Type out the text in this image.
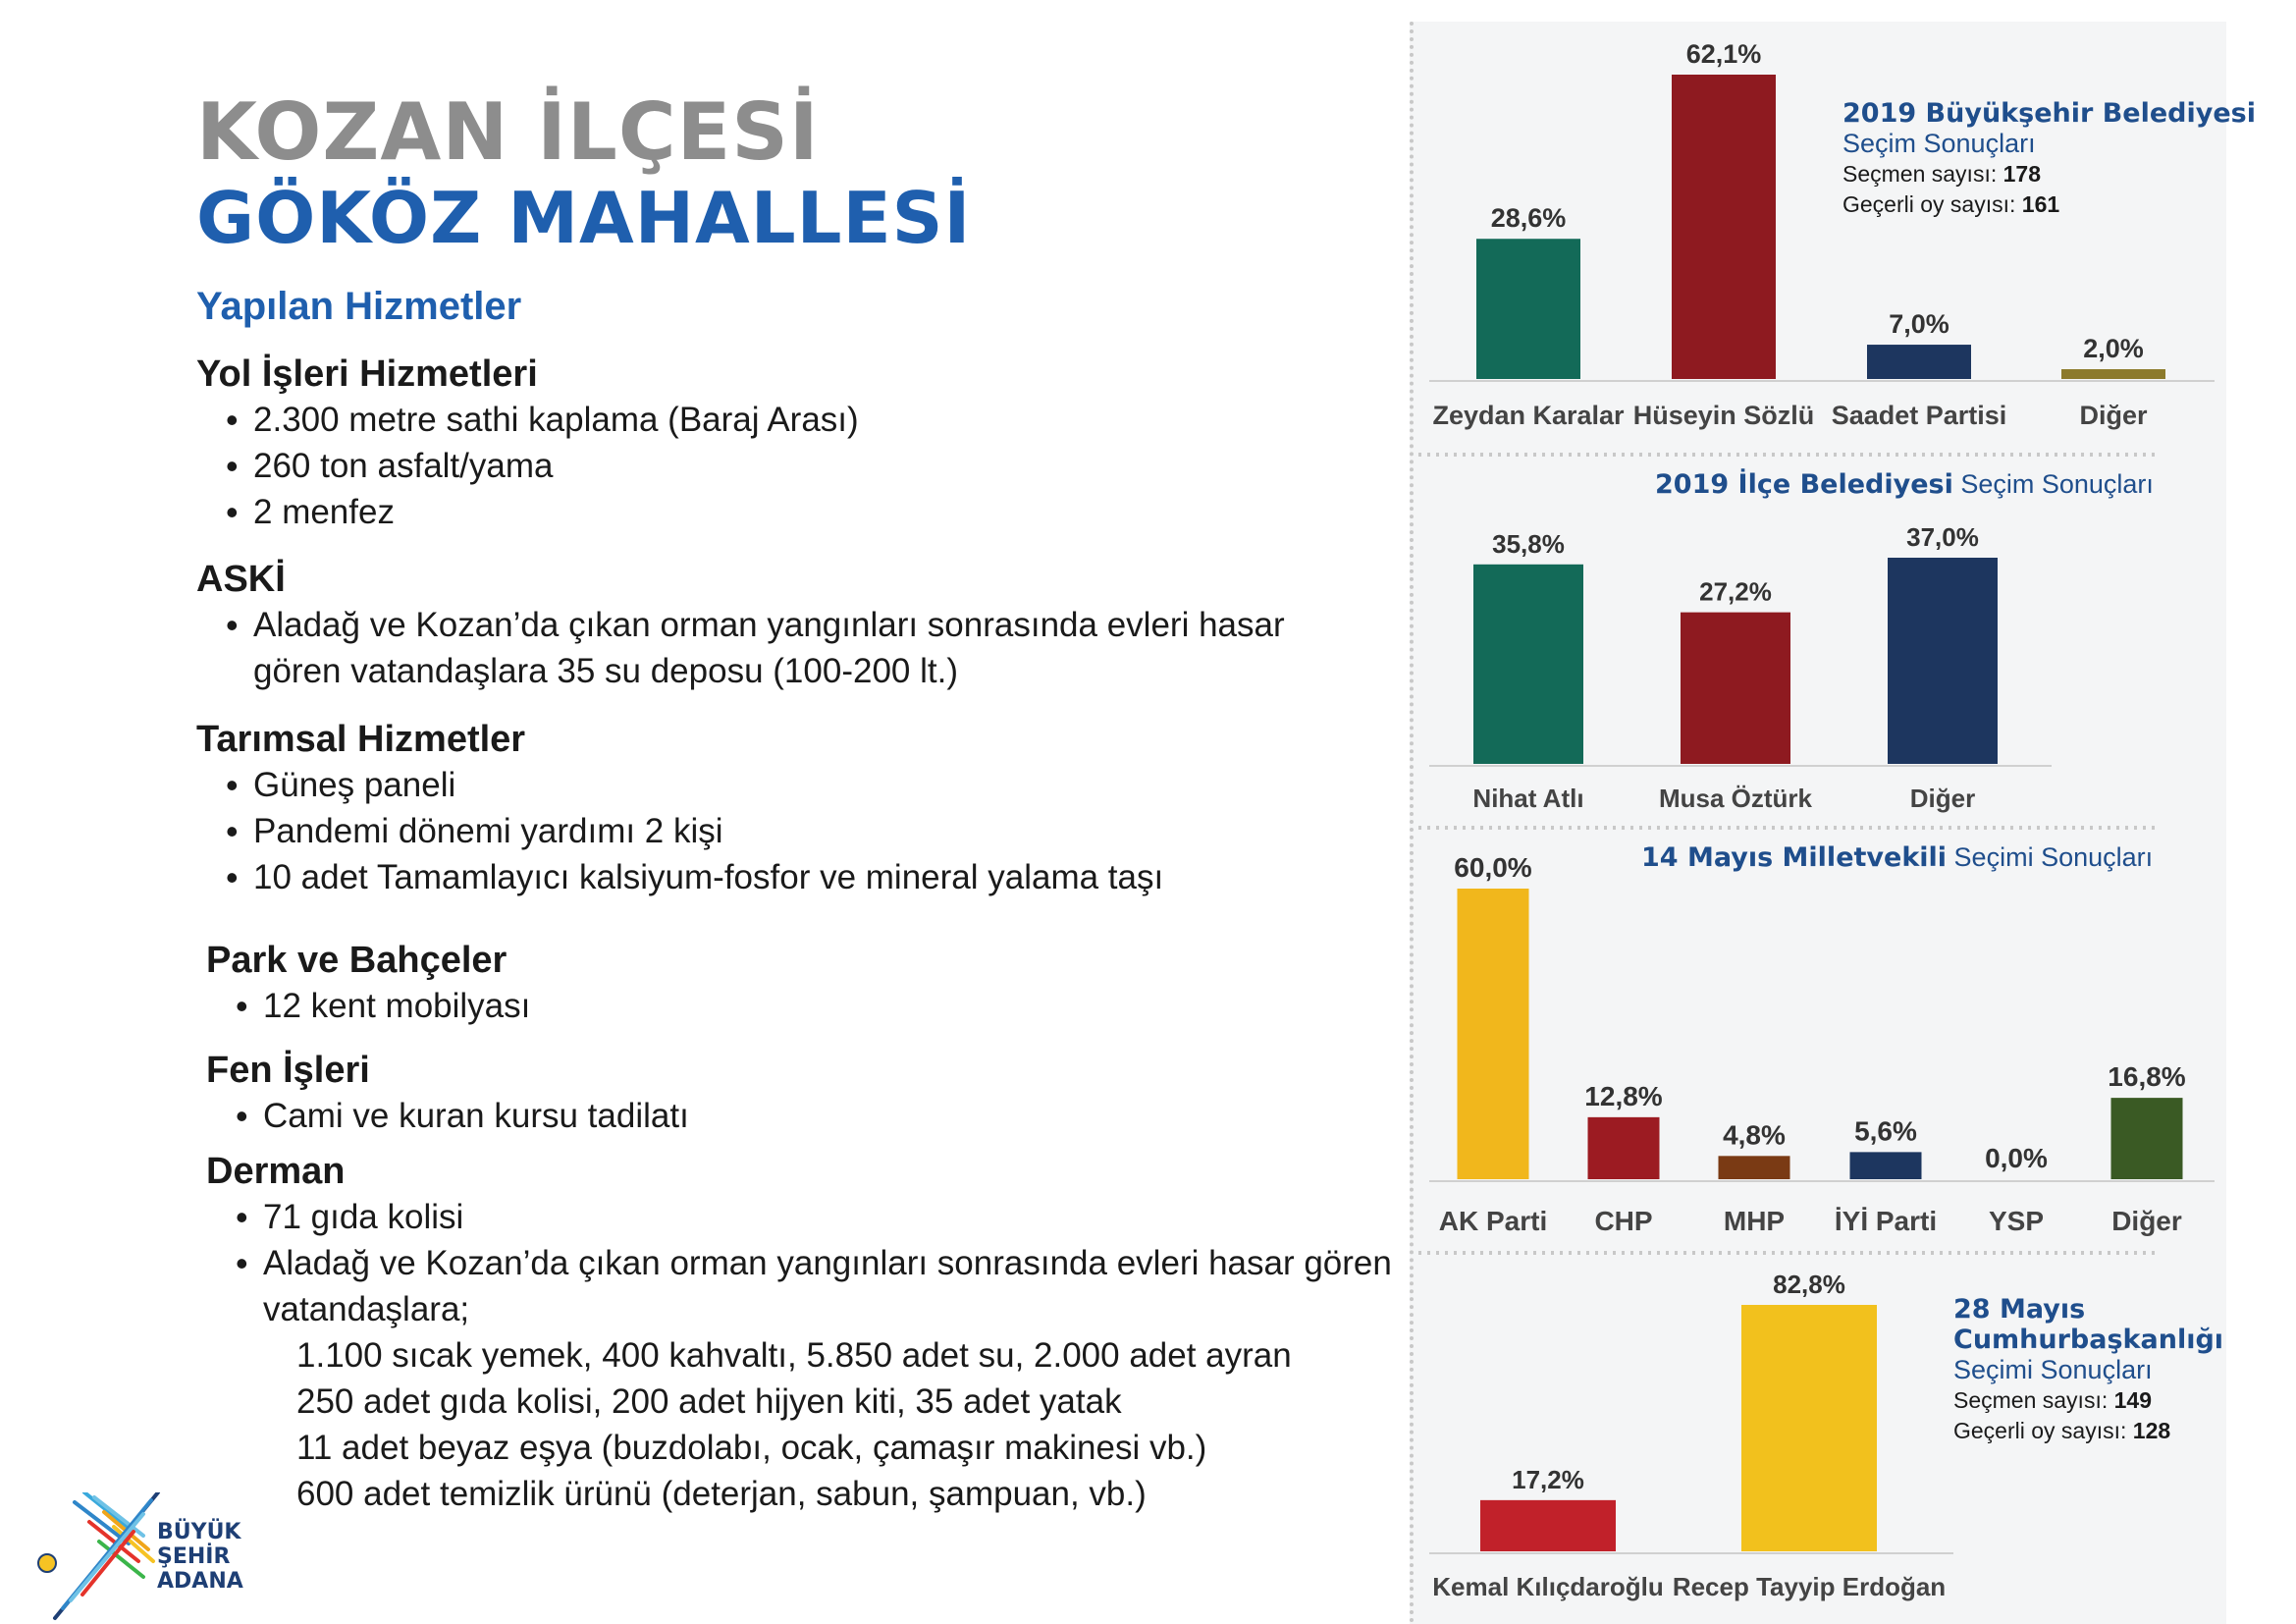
KOZAN İLÇESİ
GÖKÖZ MAHALLESİ
Yapılan Hizmetler
Yol İşleri Hizmetleri
• 2.300 metre sathi kaplama (Baraj Arası)
• 260 ton asfalt/yama
• 2 menfez
ASKİ
• Aladağ ve Kozan’da çıkan orman yangınları sonrasında evleri hasar
gören vatandaşlara 35 su deposu (100-200 lt.)
Tarımsal Hizmetler
• Güneş paneli
• Pandemi dönemi yardımı 2 kişi
• 10 adet Tamamlayıcı kalsiyum-fosfor ve mineral yalama taşı
Park ve Bahçeler
• 12 kent mobilyası
Fen İşleri
• Cami ve kuran kursu tadilatı
Derman
• 71 gıda kolisi
• Aladağ ve Kozan’da çıkan orman yangınları sonrasında evleri hasar gören
vatandaşlara;
1.100 sıcak yemek, 400 kahvaltı, 5.850 adet su, 2.000 adet ayran
250 adet gıda kolisi, 200 adet hijyen kiti, 35 adet yatak
11 adet beyaz eşya (buzdolabı, ocak, çamaşır makinesi vb.)
600 adet temizlik ürünü (deterjan, sabun, şampuan, vb.)
BÜYÜK
ŞEHİR
ADANA
28,6%
Zeydan Karalar
62,1%
Hüseyin Sözlü
7,0%
Saadet Partisi
2,0%
Diğer
35,8%
Nihat Atlı
27,2%
Musa Öztürk
37,0%
Diğer
60,0%
AK Parti
12,8%
CHP
4,8%
MHP
5,6%
İYİ Parti
0,0%
YSP
16,8%
Diğer
17,2%
Kemal Kılıçdaroğlu
82,8%
Recep Tayyip Erdoğan
2019 Büyükşehir Belediyesi
Seçim Sonuçları
Seçmen sayısı: 178
Geçerli oy sayısı: 161
2019 İlçe Belediyesi Seçim Sonuçları
14 Mayıs Milletvekili Seçimi Sonuçları
28 Mayıs
Cumhurbaşkanlığı
Seçimi Sonuçları
Seçmen sayısı: 149
Geçerli oy sayısı: 128
